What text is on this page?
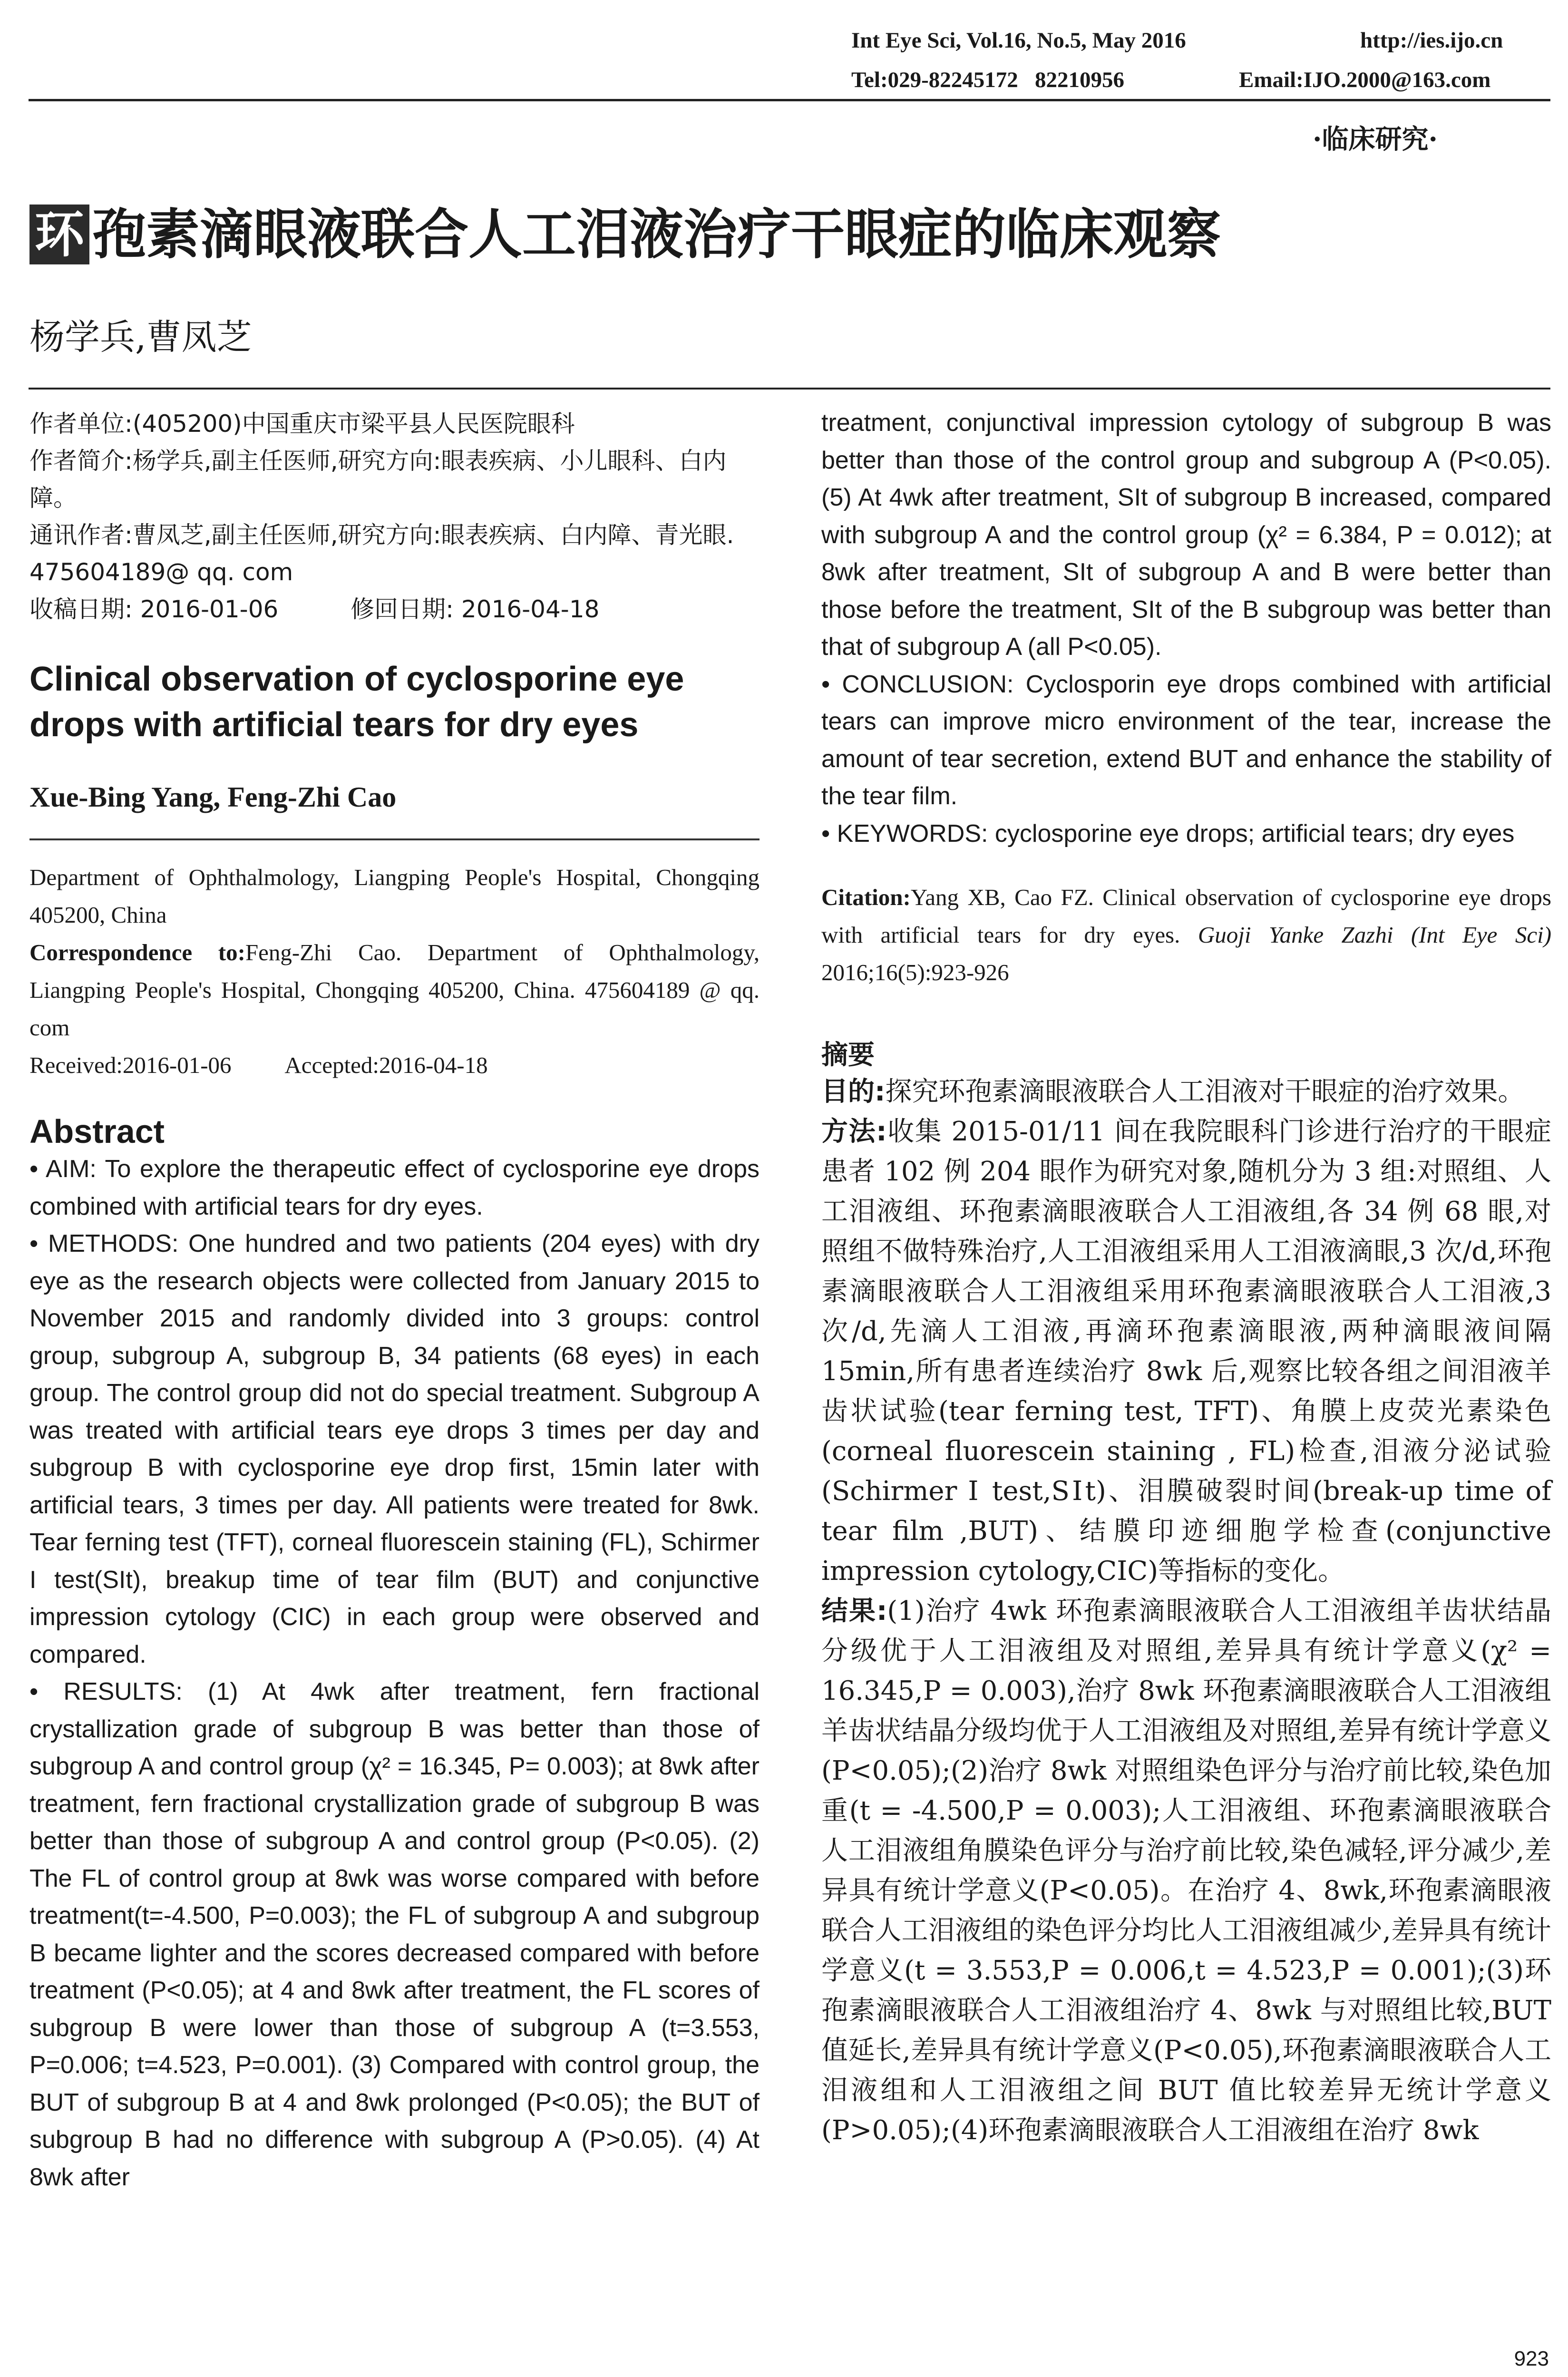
Int Eye Sci, Vol.16, No.5, May 2016	http://ies.ijo.cn
Tel:029-82245172   82210956	Email:IJO.2000@163.com
·临床研究·
环 孢素滴眼液联合人工泪液治疗干眼症的临床观察
杨学兵,曹凤芝

作者单位:(405200)中国重庆市梁平县人民医院眼科

作者简介:杨学兵,副主任医师,研究方向:眼表疾病、小儿眼科、白内障。

通讯作者:曹凤芝,副主任医师,研究方向:眼表疾病、白内障、青光眼. 475604189@ qq. com

收稿日期: 2016-01-06	修回日期: 2016-04-18

Clinical observation of cyclosporine eye drops with artificial tears for dry eyes
Xue-Bing Yang, Feng-Zhi Cao

Department of Ophthalmology, Liangping People's Hospital, Chongqing 405200, China

Correspondence to:Feng-Zhi Cao. Department of Ophthalmology, Liangping People's Hospital, Chongqing 405200, China. 475604189 @ qq. com

Received:2016-01-06 Accepted:2016-04-18

Abstract

• AIM: To explore the therapeutic effect of cyclosporine eye drops combined with artificial tears for dry eyes.

• METHODS: One hundred and two patients (204 eyes) with dry eye as the research objects were collected from January 2015 to November 2015 and randomly divided into 3 groups: control group, subgroup A, subgroup B, 34 patients (68 eyes) in each group. The control group did not do special treatment. Subgroup A was treated with artificial tears eye drops 3 times per day and subgroup B with cyclosporine eye drop first, 15min later with artificial tears, 3 times per day. All patients were treated for 8wk. Tear ferning test (TFT), corneal fluorescein staining (FL), Schirmer I test(SIt), breakup time of tear film (BUT) and conjunctive impression cytology (CIC) in each group were observed and compared.

• RESULTS: (1) At 4wk after treatment, fern fractional crystallization grade of subgroup B was better than those of subgroup A and control group (χ² = 16.345, P= 0.003); at 8wk after treatment, fern fractional crystallization grade of subgroup B was better than those of subgroup A and control group (P<0.05). (2) The FL of control group at 8wk was worse compared with before treatment(t=-4.500, P=0.003); the FL of subgroup A and subgroup B became lighter and the scores decreased compared with before treatment (P<0.05); at 4 and 8wk after treatment, the FL scores of subgroup B were lower than those of subgroup A (t=3.553, P=0.006; t=4.523, P=0.001). (3) Compared with control group, the BUT of subgroup B at 4 and 8wk prolonged (P<0.05); the BUT of subgroup B had no difference with subgroup A (P>0.05). (4) At 8wk after

treatment, conjunctival impression cytology of subgroup B was better than those of the control group and subgroup A (P<0.05). (5) At 4wk after treatment, SIt of subgroup B increased, compared with subgroup A and the control group (χ² = 6.384, P = 0.012); at 8wk after treatment, SIt of subgroup A and B were better than those before the treatment, SIt of the B subgroup was better than that of subgroup A (all P<0.05).

• CONCLUSION: Cyclosporin eye drops combined with artificial tears can improve micro environment of the tear, increase the amount of tear secretion, extend BUT and enhance the stability of the tear film.

• KEYWORDS: cyclosporine eye drops; artificial tears; dry eyes

Citation:Yang XB, Cao FZ. Clinical observation of cyclosporine eye drops with artificial tears for dry eyes. Guoji Yanke Zazhi (Int Eye Sci) 2016;16(5):923-926
摘要

目的:探究环孢素滴眼液联合人工泪液对干眼症的治疗效果。

方法:收集 2015-01/11 间在我院眼科门诊进行治疗的干眼症患者 102 例 204 眼作为研究对象,随机分为 3 组:对照组、人工泪液组、环孢素滴眼液联合人工泪液组,各 34 例 68 眼,对照组不做特殊治疗,人工泪液组采用人工泪液滴眼,3 次/d,环孢素滴眼液联合人工泪液组采用环孢素滴眼液联合人工泪液,3 次/d,先滴人工泪液,再滴环孢素滴眼液,两种滴眼液间隔 15min,所有患者连续治疗 8wk 后,观察比较各组之间泪液羊齿状试验(tear ferning test, TFT)、角膜上皮荧光素染色(corneal fluorescein staining , FL)检查,泪液分泌试验(Schirmer Ⅰ test,SⅠt)、泪膜破裂时间(break-up time of tear film ,BUT)、结膜印迹细胞学检查(conjunctive impression cytology,CIC)等指标的变化。

结果:(1)治疗 4wk 环孢素滴眼液联合人工泪液组羊齿状结晶分级优于人工泪液组及对照组,差异具有统计学意义(χ² = 16.345,P = 0.003),治疗 8wk 环孢素滴眼液联合人工泪液组羊齿状结晶分级均优于人工泪液组及对照组,差异有统计学意义(P<0.05);(2)治疗 8wk 对照组染色评分与治疗前比较,染色加重(t = -4.500,P = 0.003);人工泪液组、环孢素滴眼液联合人工泪液组角膜染色评分与治疗前比较,染色减轻,评分减少,差异具有统计学意义(P<0.05)。在治疗 4、8wk,环孢素滴眼液联合人工泪液组的染色评分均比人工泪液组减少,差异具有统计学意义(t = 3.553,P = 0.006,t = 4.523,P = 0.001);(3)环孢素滴眼液联合人工泪液组治疗 4、8wk 与对照组比较,BUT 值延长,差异具有统计学意义(P<0.05),环孢素滴眼液联合人工泪液组和人工泪液组之间 BUT 值比较差异无统计学意义(P>0.05);(4)环孢素滴眼液联合人工泪液组在治疗 8wk

923
